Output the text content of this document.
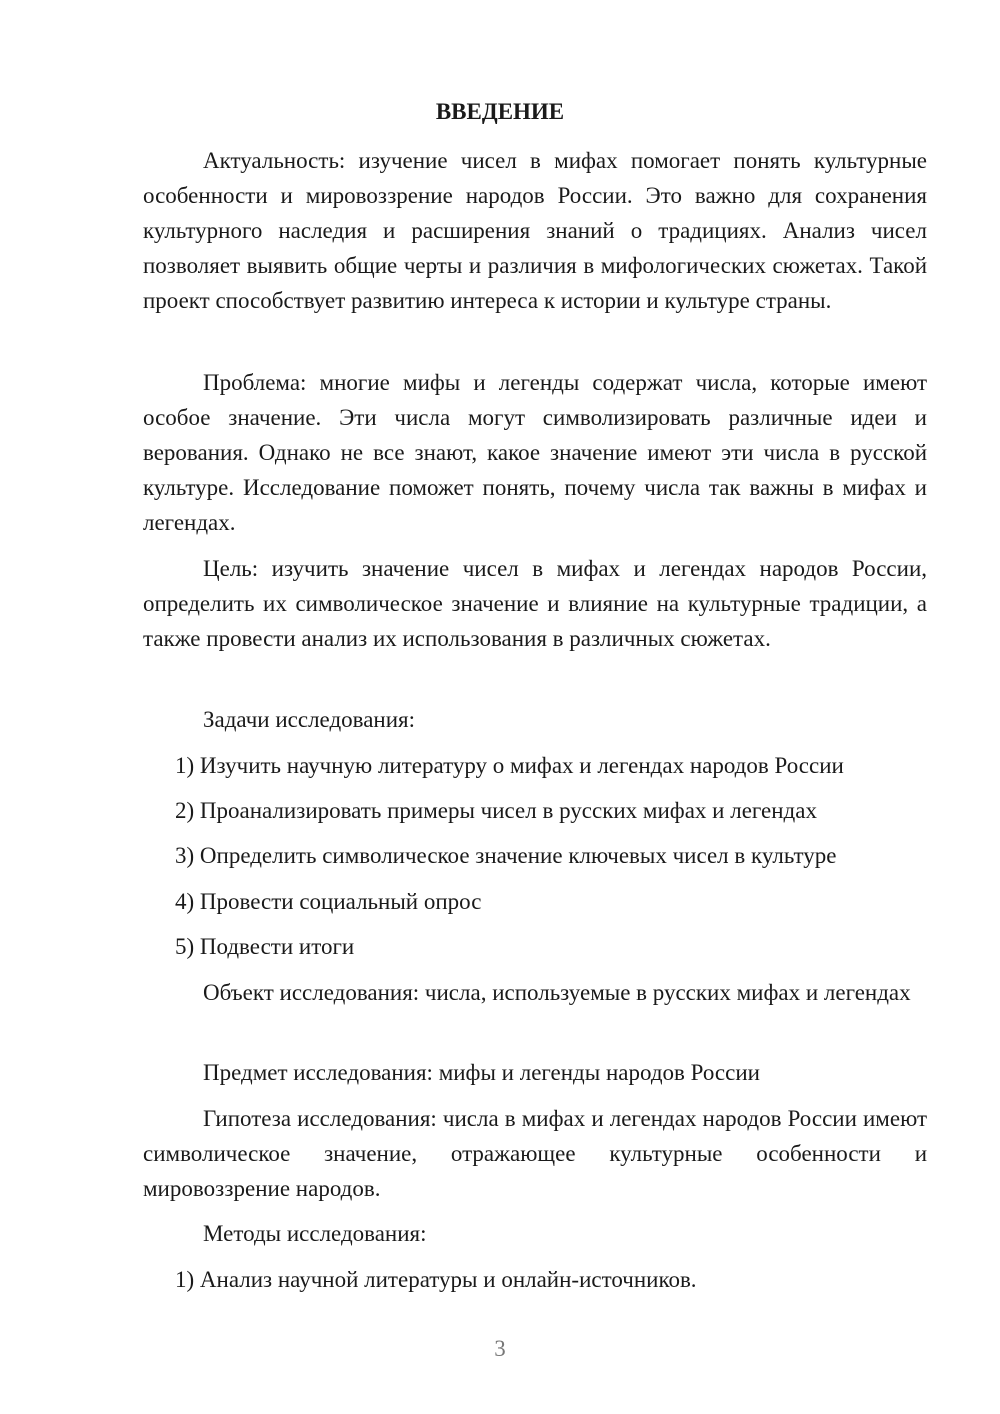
ВВЕДЕНИЕ

Актуальность: изучение чисел в мифах помогает понять культурные особенности и мировоззрение народов России. Это важно для сохранения культурного наследия и расширения знаний о традициях. Анализ чисел позволяет выявить общие черты и различия в мифологических сюжетах. Такой проект способствует развитию интереса к истории и культуре страны.

Проблема: многие мифы и легенды содержат числа, которые имеют особое значение. Эти числа могут символизировать различные идеи и верования. Однако не все знают, какое значение имеют эти числа в русской культуре. Исследование поможет понять, почему числа так важны в мифах и легендах.

Цель: изучить значение чисел в мифах и легендах народов России, определить их символическое значение и влияние на культурные традиции, а также провести анализ их использования в различных сюжетах.

Задачи исследования:

1) Изучить научную литературу о мифах и легендах народов России

2) Проанализировать примеры чисел в русских мифах и легендах

3) Определить символическое значение ключевых чисел в культуре

4) Провести социальный опрос

5) Подвести итоги

Объект исследования: числа, используемые в русских мифах и легендах

Предмет исследования: мифы и легенды народов России

Гипотеза исследования: числа в мифах и легендах народов России имеют символическое значение, отражающее культурные особенности и мировоззрение народов.

Методы исследования:

1) Анализ научной литературы и онлайн-источников.

3
